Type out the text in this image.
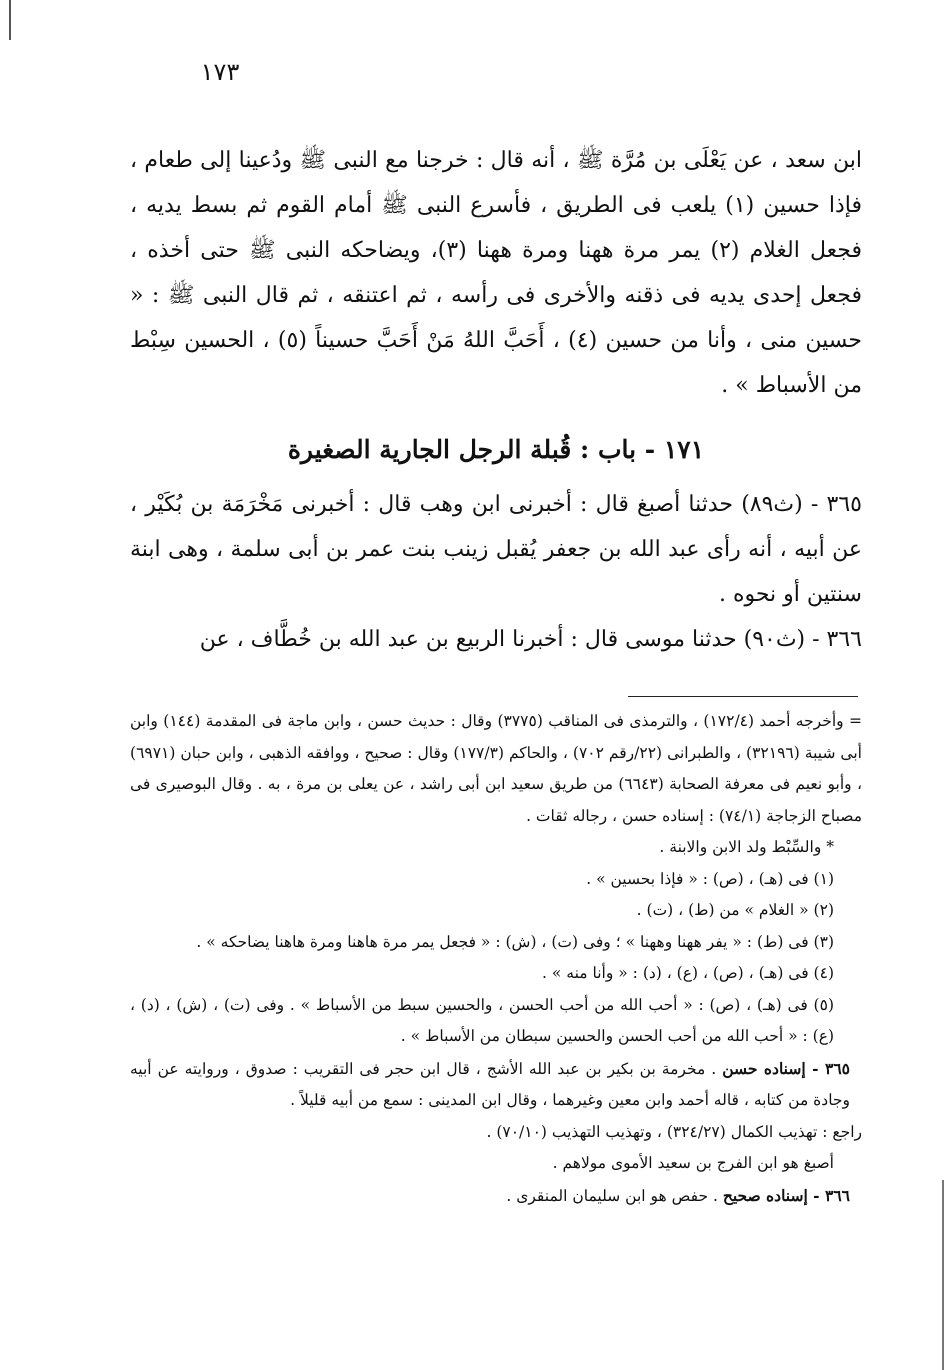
١٧٣

ابن سعد ، عن يَعْلَى بن مُرَّة ﷺ ، أنه قال : خرجنا مع النبى ﷺ ودُعينا إلى طعام ، فإذا حسين (١) يلعب فى الطريق ، فأسرع النبى ﷺ أمام القوم ثم بسط يديه ، فجعل الغلام (٢) يمر مرة ههنا ومرة ههنا (٣)، ويضاحكه النبى ﷺ حتى أخذه ، فجعل إحدى يديه فى ذقنه والأخرى فى رأسه ، ثم اعتنقه ، ثم قال النبى ﷺ : « حسين منى ، وأنا من حسين (٤) ، أَحَبَّ اللهُ مَنْ أَحَبَّ حسيناً (٥) ، الحسين سِبْط من الأسباط » .

١٧١ - باب : قُبلة الرجل الجارية الصغيرة

٣٦٥ - (ث٨٩) حدثنا أصبغ قال : أخبرنى ابن وهب قال : أخبرنى مَخْرَمَة بن بُكَيْر ، عن أبيه ، أنه رأى عبد الله بن جعفر يُقبل زينب بنت عمر بن أبى سلمة ، وهى ابنة سنتين أو نحوه .

٣٦٦ - (ث٩٠) حدثنا موسى قال : أخبرنا الربيع بن عبد الله بن خُطَّاف ، عن

= وأخرجه أحمد (١٧٢/٤) ، والترمذى فى المناقب (٣٧٧٥) وقال : حديث حسن ، وابن ماجة فى المقدمة (١٤٤) وابن أبى شيبة (٣٢١٩٦) ، والطبرانى (٢٢/رقم ٧٠٢) ، والحاكم (١٧٧/٣) وقال : صحيح ، ووافقه الذهبى ، وابن حبان (٦٩٧١) ، وأبو نعيم فى معرفة الصحابة (٦٦٤٣) من طريق سعيد ابن أبى راشد ، عن يعلى بن مرة ، به . وقال البوصيرى فى مصباح الزجاجة (٧٤/١) : إسناده حسن ، رجاله ثقات .

* والسِّبْط ولد الابن والابنة .

(١) فى (هـ) ، (ص) : « فإذا بحسين » .

(٢) « الغلام » من (ط) ، (ت) .

(٣) فى (ط) : « يفر ههنا وههنا » ؛ وفى (ت) ، (ش) : « فجعل يمر مرة هاهنا ومرة هاهنا يضاحكه » .

(٤) فى (هـ) ، (ص) ، (ع) ، (د) : « وأنا منه » .

(٥) فى (هـ) ، (ص) : « أحب الله من أحب الحسن ، والحسين سبط من الأسباط » . وفى (ت) ، (ش) ، (د) ، (ع) : « أحب الله من أحب الحسن والحسين سبطان من الأسباط » .

٣٦٥ - إسناده حسن . مخرمة بن بكير بن عبد الله الأشج ، قال ابن حجر فى التقريب : صدوق ، وروايته عن أبيه وجادة من كتابه ، قاله أحمد وابن معين وغيرهما ، وقال ابن المدينى : سمع من أبيه قليلاً .

راجع : تهذيب الكمال (٣٢٤/٢٧) ، وتهذيب التهذيب (٧٠/١٠) .

أصبغ هو ابن الفرج بن سعيد الأموى مولاهم .

٣٦٦ - إسناده صحيح . حفص هو ابن سليمان المنقرى .
